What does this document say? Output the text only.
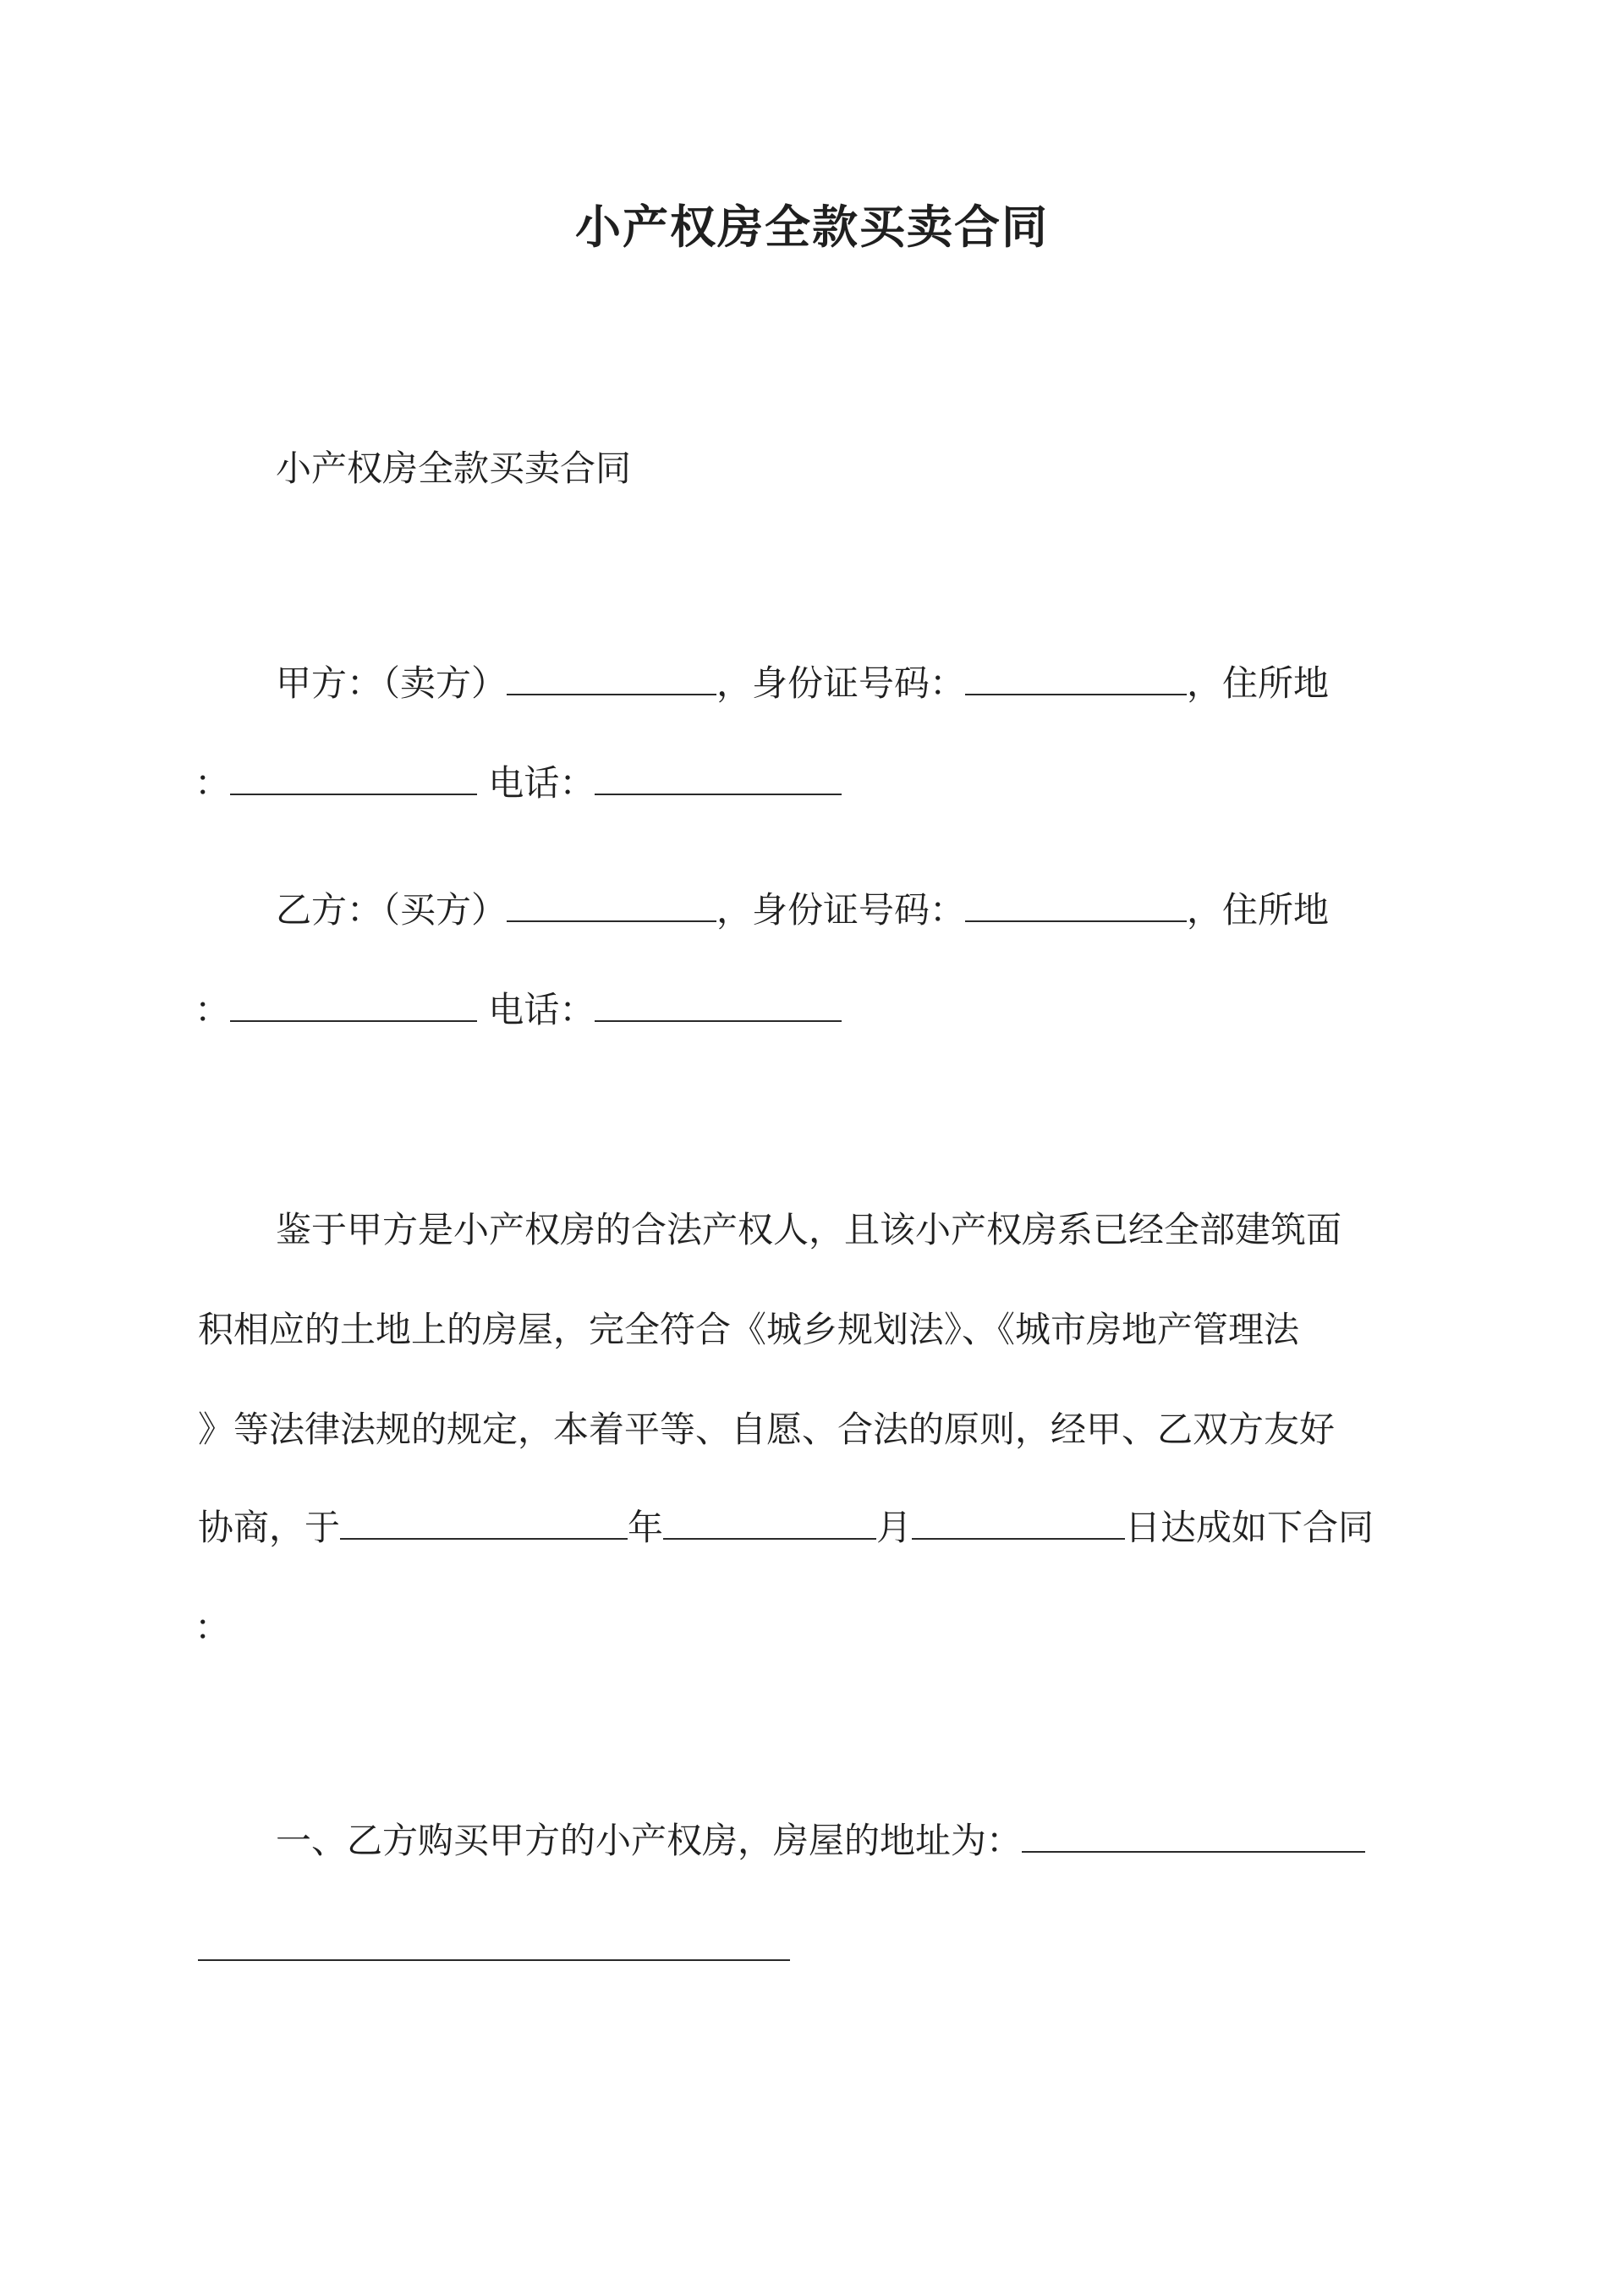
小产权房全款买卖合同
小产权房全款买卖合同
甲方：（卖方）	，身份证号码：	，住所地
：	电话：
乙方：（买方）	，身份证号码：	，住所地
：	电话：
鉴于甲方是小产权房的合法产权人，且该小产权房系已经全部建筑面
积相应的土地上的房屋，完全符合《城乡规划法》、《城市房地产管理法
》等法律法规的规定，本着平等、自愿、合法的原则，经甲、乙双方友好
协商，于	年	月	日达成如下合同
：
一、乙方购买甲方的小产权房，房屋的地址为：
